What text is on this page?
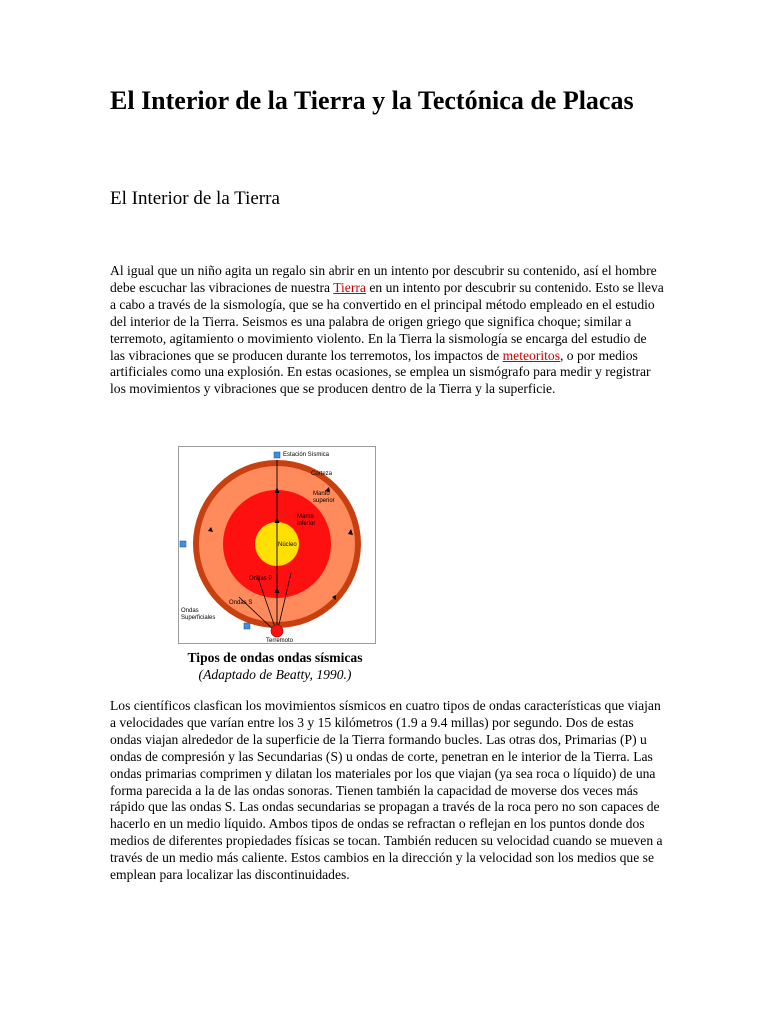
El Interior de la Tierra y la Tectónica de Placas
El Interior de la Tierra

Al igual que un niño agita un regalo sin abrir en un intento por descubrir su contenido, así el hombre debe escuchar las vibraciones de nuestra Tierra en un intento por descubrir su contenido. Esto se lleva a cabo a través de la sismología, que se ha convertido en el principal método empleado en el estudio del interior de la Tierra. Seismos es una palabra de origen griego que significa choque; similar a terremoto, agitamiento o movimiento violento. En la Tierra la sismología se encarga del estudio de las vibraciones que se producen durante los terremotos, los impactos de meteoritos, o por medios artificiales como una explosión. En estas ocasiones, se emplea un sismógrafo para medir y registrar los movimientos y vibraciones que se producen dentro de la Tierra y la superficie.

Los científicos clasfican los movimientos sísmicos en cuatro tipos de ondas características que viajan a velocidades que varían entre los 3 y 15 kilómetros (1.9 a 9.4 millas) por segundo. Dos de estas ondas viajan alrededor de la superficie de la Tierra formando bucles. Las otras dos, Primarias (P) u ondas de compresión y las Secundarias (S) u ondas de corte, penetran en le interior de la Tierra. Las ondas primarias comprimen y dilatan los materiales por los que viajan (ya sea roca o líquido) de una forma parecida a la de las ondas sonoras. Tienen también la capacidad de moverse dos veces más rápido que las ondas S. Las ondas secundarias se propagan a través de la roca pero no son capaces de hacerlo en un medio líquido. Ambos tipos de ondas se refractan o reflejan en los puntos donde dos medios de diferentes propiedades físicas se tocan. También reducen su velocidad cuando se mueven a través de un medio más caliente. Estos cambios en la dirección y la velocidad son los medios que se emplean para localizar las discontinuidades.

Estación Sísmica
Corteza
Manto
superior
Manto
inferior
Núcleo
Ondas P
Ondas S
Ondas
Superficiales
Terremoto
Tipos de ondas ondas sísmicas
(Adaptado de Beatty, 1990.)
